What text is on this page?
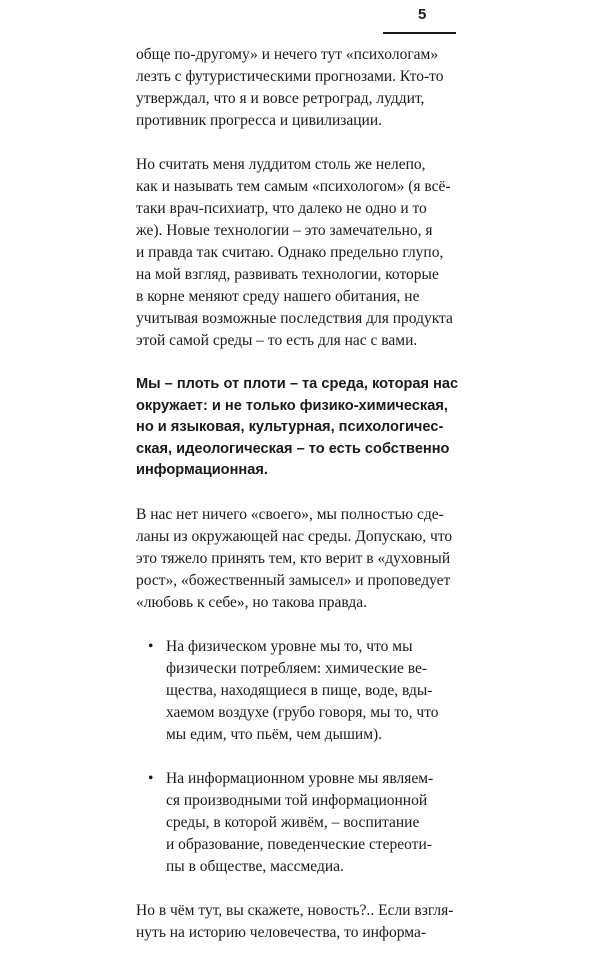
5

обще по-другому» и нечего тут «психологам»
лезть с футуристическими прогнозами. Кто-то
утверждал, что я и вовсе ретроград, луддит,
противник прогресса и цивилизации.

Но считать меня луддитом столь же нелепо,
как и называть тем самым «психологом» (я всё-
таки врач-психиатр, что далеко не одно и то
же). Новые технологии – это замечательно, я
и правда так считаю. Однако предельно глупо,
на мой взгляд, развивать технологии, которые
в корне меняют среду нашего обитания, не
учитывая возможные последствия для продукта
этой самой среды – то есть для нас с вами.

Мы – плоть от плоти – та среда, которая нас
окружает: и не только физико-химическая,
но и языковая, культурная, психологичес-
ская, идеологическая – то есть собственно
информационная.

В нас нет ничего «своего», мы полностью сде-
ланы из окружающей нас среды. Допускаю, что
это тяжело принять тем, кто верит в «духовный
рост», «божественный замысел» и проповедует
«любовь к себе», но такова правда.

• На физическом уровне мы то, что мы
физически потребляем: химические ве-
щества, находящиеся в пище, воде, вды-
хаемом воздухе (грубо говоря, мы то, что
мы едим, что пьём, чем дышим).
• На информационном уровне мы являем-
ся производными той информационной
среды, в которой живём, – воспитание
и образование, поведенческие стереоти-
пы в обществе, массмедиа.

Но в чём тут, вы скажете, новость?.. Если взгля-
нуть на историю человечества, то информа-
